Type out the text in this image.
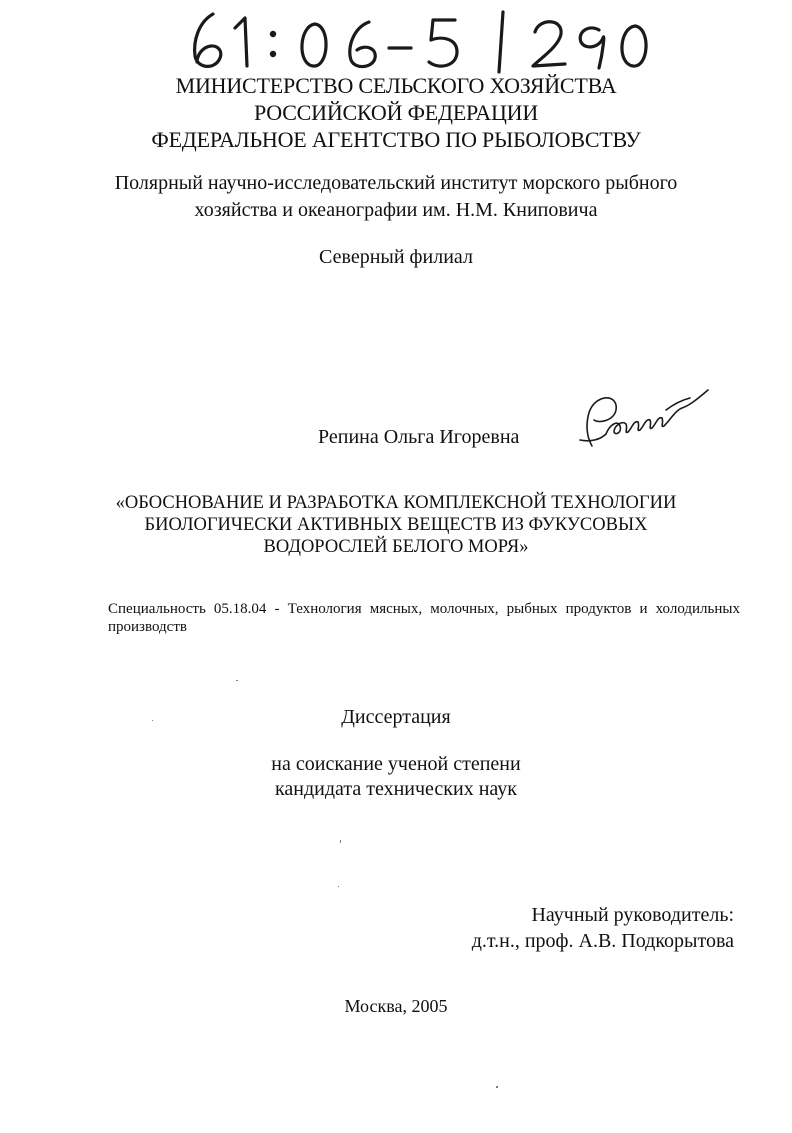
МИНИСТЕРСТВО СЕЛЬСКОГО ХОЗЯЙСТВА
РОССИЙСКОЙ ФЕДЕРАЦИИ
ФЕДЕРАЛЬНОЕ АГЕНТСТВО ПО РЫБОЛОВСТВУ
Полярный научно-исследовательский институт морского рыбного
хозяйства и океанографии им. Н.М. Книповича
Северный филиал
Репина Ольга Игоревна
«ОБОСНОВАНИЕ И РАЗРАБОТКА КОМПЛЕКСНОЙ ТЕХНОЛОГИИ
БИОЛОГИЧЕСКИ АКТИВНЫХ ВЕЩЕСТВ ИЗ ФУКУСОВЫХ
ВОДОРОСЛЕЙ БЕЛОГО МОРЯ»
Специальность 05.18.04 - Технология мясных, молочных, рыбных продуктов и холодильных производств
Диссертация
на соискание ученой степени
кандидата технических наук
Научный руководитель:
д.т.н., проф. А.В. Подкорытова
Москва, 2005
